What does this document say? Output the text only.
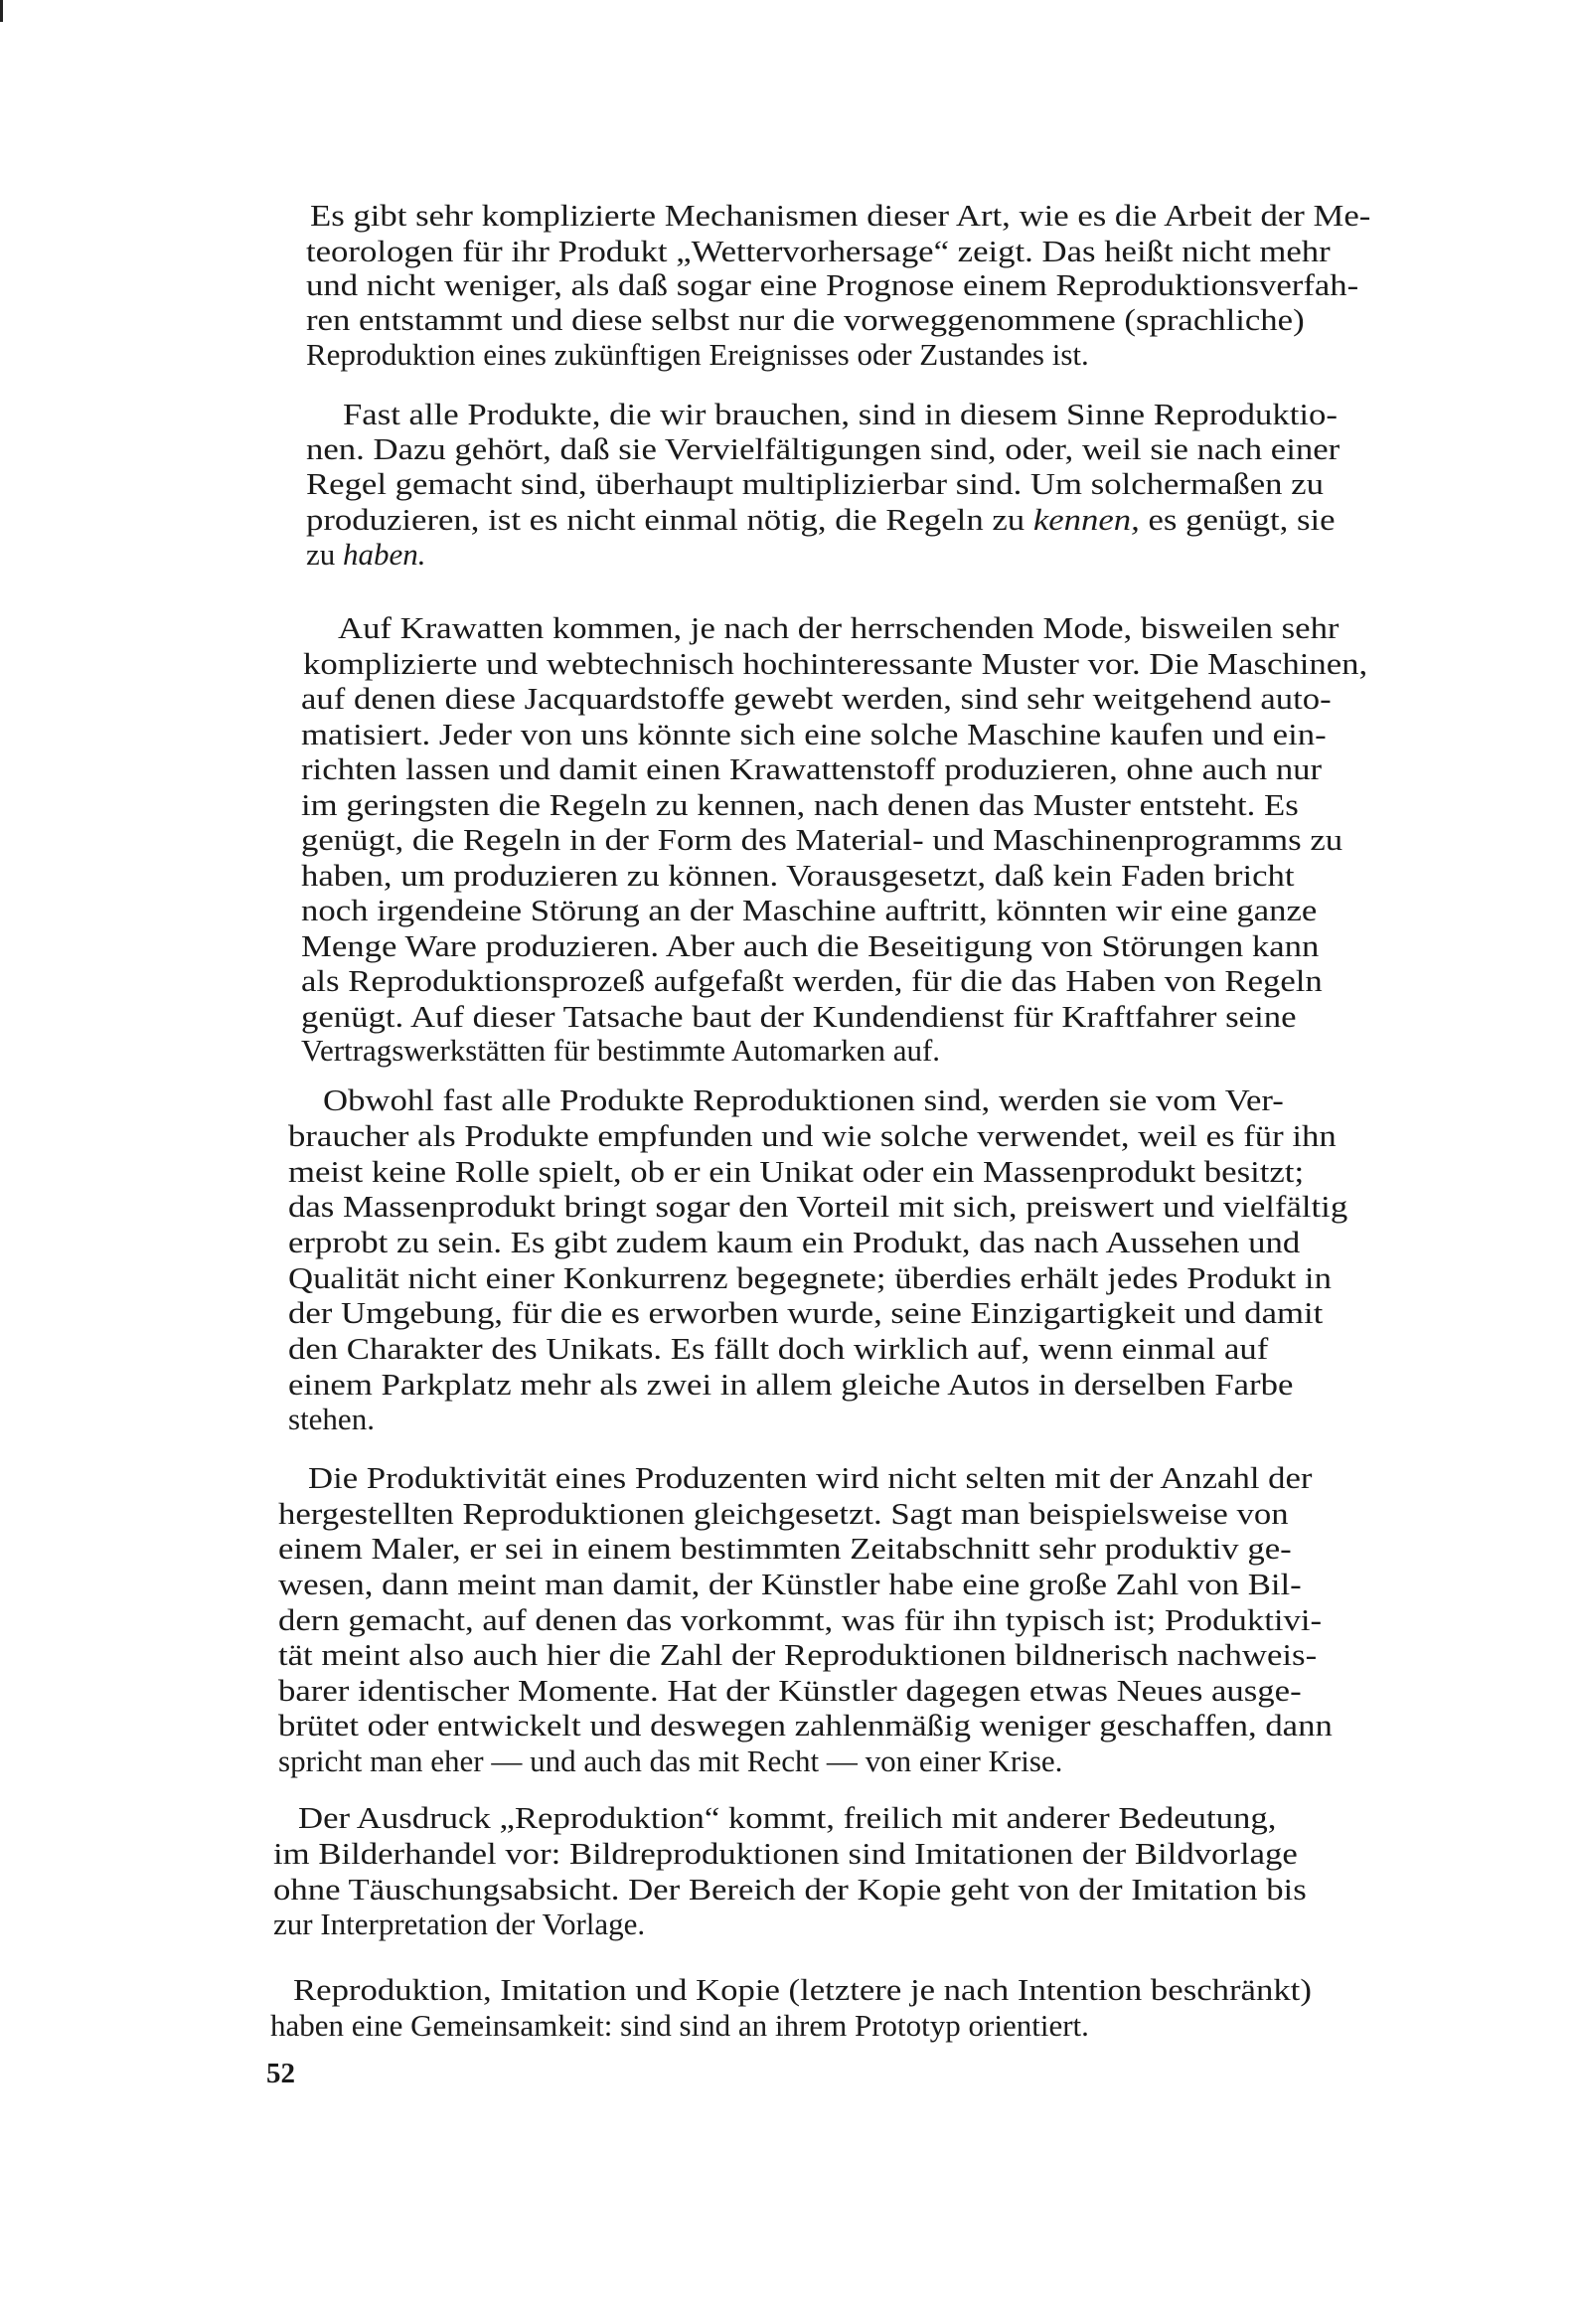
Es gibt sehr komplizierte Mechanismen dieser Art, wie es die Arbeit der Me-
teorologen für ihr Produkt „Wettervorhersage“ zeigt. Das heißt nicht mehr
und nicht weniger, als daß sogar eine Prognose einem Reproduktionsverfah-
ren entstammt und diese selbst nur die vorweggenommene (sprachliche)
Reproduktion eines zukünftigen Ereignisses oder Zustandes ist.
Fast alle Produkte, die wir brauchen, sind in diesem Sinne Reproduktio-
nen. Dazu gehört, daß sie Vervielfältigungen sind, oder, weil sie nach einer
Regel gemacht sind, überhaupt multiplizierbar sind. Um solchermaßen zu
produzieren, ist es nicht einmal nötig, die Regeln zu kennen, es genügt, sie
zu haben.
Auf Krawatten kommen, je nach der herrschenden Mode, bisweilen sehr
komplizierte und webtechnisch hochinteressante Muster vor. Die Maschinen,
auf denen diese Jacquardstoffe gewebt werden, sind sehr weitgehend auto-
matisiert. Jeder von uns könnte sich eine solche Maschine kaufen und ein-
richten lassen und damit einen Krawattenstoff produzieren, ohne auch nur
im geringsten die Regeln zu kennen, nach denen das Muster entsteht. Es
genügt, die Regeln in der Form des Material- und Maschinenprogramms zu
haben, um produzieren zu können. Vorausgesetzt, daß kein Faden bricht
noch irgendeine Störung an der Maschine auftritt, könnten wir eine ganze
Menge Ware produzieren. Aber auch die Beseitigung von Störungen kann
als Reproduktionsprozeß aufgefaßt werden, für die das Haben von Regeln
genügt. Auf dieser Tatsache baut der Kundendienst für Kraftfahrer seine
Vertragswerkstätten für bestimmte Automarken auf.
Obwohl fast alle Produkte Reproduktionen sind, werden sie vom Ver-
braucher als Produkte empfunden und wie solche verwendet, weil es für ihn
meist keine Rolle spielt, ob er ein Unikat oder ein Massenprodukt besitzt;
das Massenprodukt bringt sogar den Vorteil mit sich, preiswert und vielfältig
erprobt zu sein. Es gibt zudem kaum ein Produkt, das nach Aussehen und
Qualität nicht einer Konkurrenz begegnete; überdies erhält jedes Produkt in
der Umgebung, für die es erworben wurde, seine Einzigartigkeit und damit
den Charakter des Unikats. Es fällt doch wirklich auf, wenn einmal auf
einem Parkplatz mehr als zwei in allem gleiche Autos in derselben Farbe
stehen.
Die Produktivität eines Produzenten wird nicht selten mit der Anzahl der
hergestellten Reproduktionen gleichgesetzt. Sagt man beispielsweise von
einem Maler, er sei in einem bestimmten Zeitabschnitt sehr produktiv ge-
wesen, dann meint man damit, der Künstler habe eine große Zahl von Bil-
dern gemacht, auf denen das vorkommt, was für ihn typisch ist; Produktivi-
tät meint also auch hier die Zahl der Reproduktionen bildnerisch nachweis-
barer identischer Momente. Hat der Künstler dagegen etwas Neues ausge-
brütet oder entwickelt und deswegen zahlenmäßig weniger geschaffen, dann
spricht man eher — und auch das mit Recht — von einer Krise.
Der Ausdruck „Reproduktion“ kommt, freilich mit anderer Bedeutung,
im Bilderhandel vor: Bildreproduktionen sind Imitationen der Bildvorlage
ohne Täuschungsabsicht. Der Bereich der Kopie geht von der Imitation bis
zur Interpretation der Vorlage.
Reproduktion, Imitation und Kopie (letztere je nach Intention beschränkt)
haben eine Gemeinsamkeit: sind sind an ihrem Prototyp orientiert.
52
